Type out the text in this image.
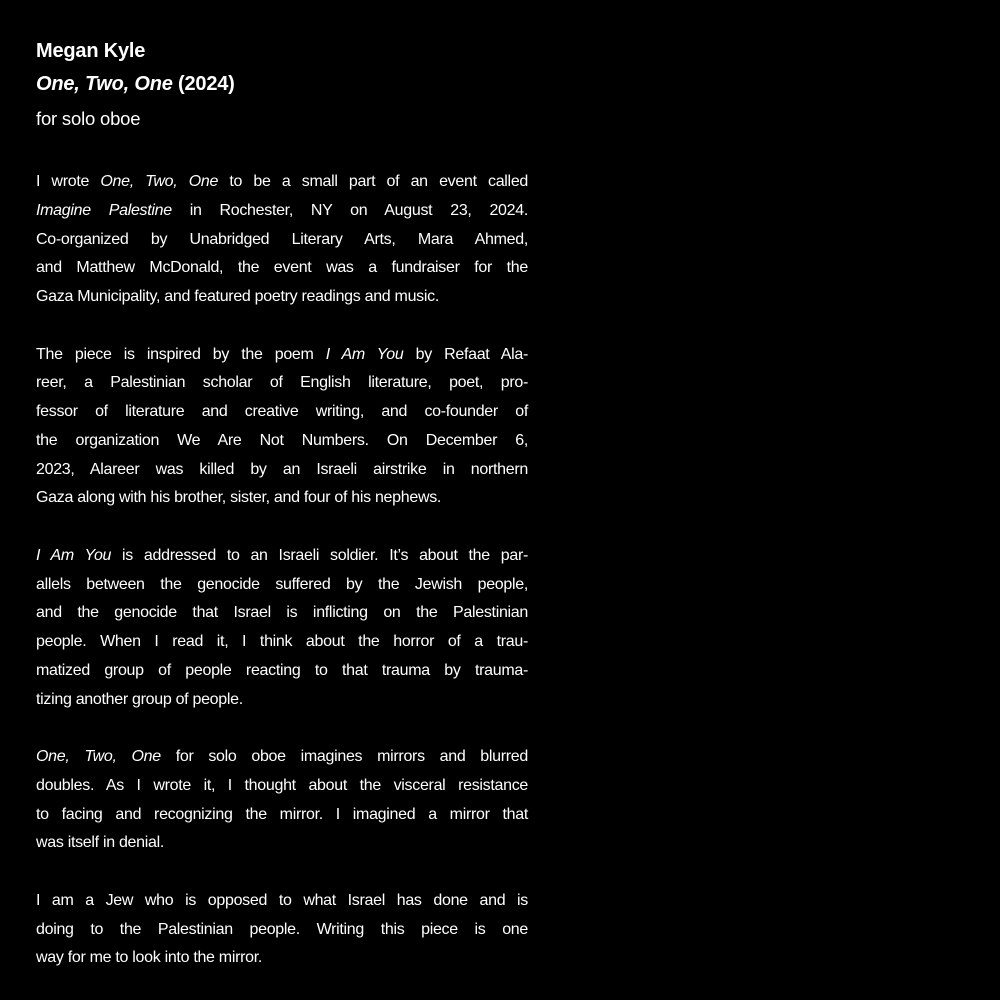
Megan Kyle
One, Two, One (2024)
for solo oboe
I wrote One, Two, One to be a small part of an event called
Imagine Palestine in Rochester, NY on August 23, 2024.
Co-organized by Unabridged Literary Arts, Mara Ahmed,
and Matthew McDonald, the event was a fundraiser for the
Gaza Municipality, and featured poetry readings and music.
The piece is inspired by the poem I Am You by Refaat Ala-
reer, a Palestinian scholar of English literature, poet, pro-
fessor of literature and creative writing, and co-founder of
the organization We Are Not Numbers. On December 6,
2023, Alareer was killed by an Israeli airstrike in northern
Gaza along with his brother, sister, and four of his nephews.
I Am You is addressed to an Israeli soldier. It’s about the par-
allels between the genocide suffered by the Jewish people,
and the genocide that Israel is inflicting on the Palestinian
people. When I read it, I think about the horror of a trau-
matized group of people reacting to that trauma by trauma-
tizing another group of people.
One, Two, One for solo oboe imagines mirrors and blurred
doubles. As I wrote it, I thought about the visceral resistance
to facing and recognizing the mirror. I imagined a mirror that
was itself in denial.
I am a Jew who is opposed to what Israel has done and is
doing to the Palestinian people. Writing this piece is one
way for me to look into the mirror.
